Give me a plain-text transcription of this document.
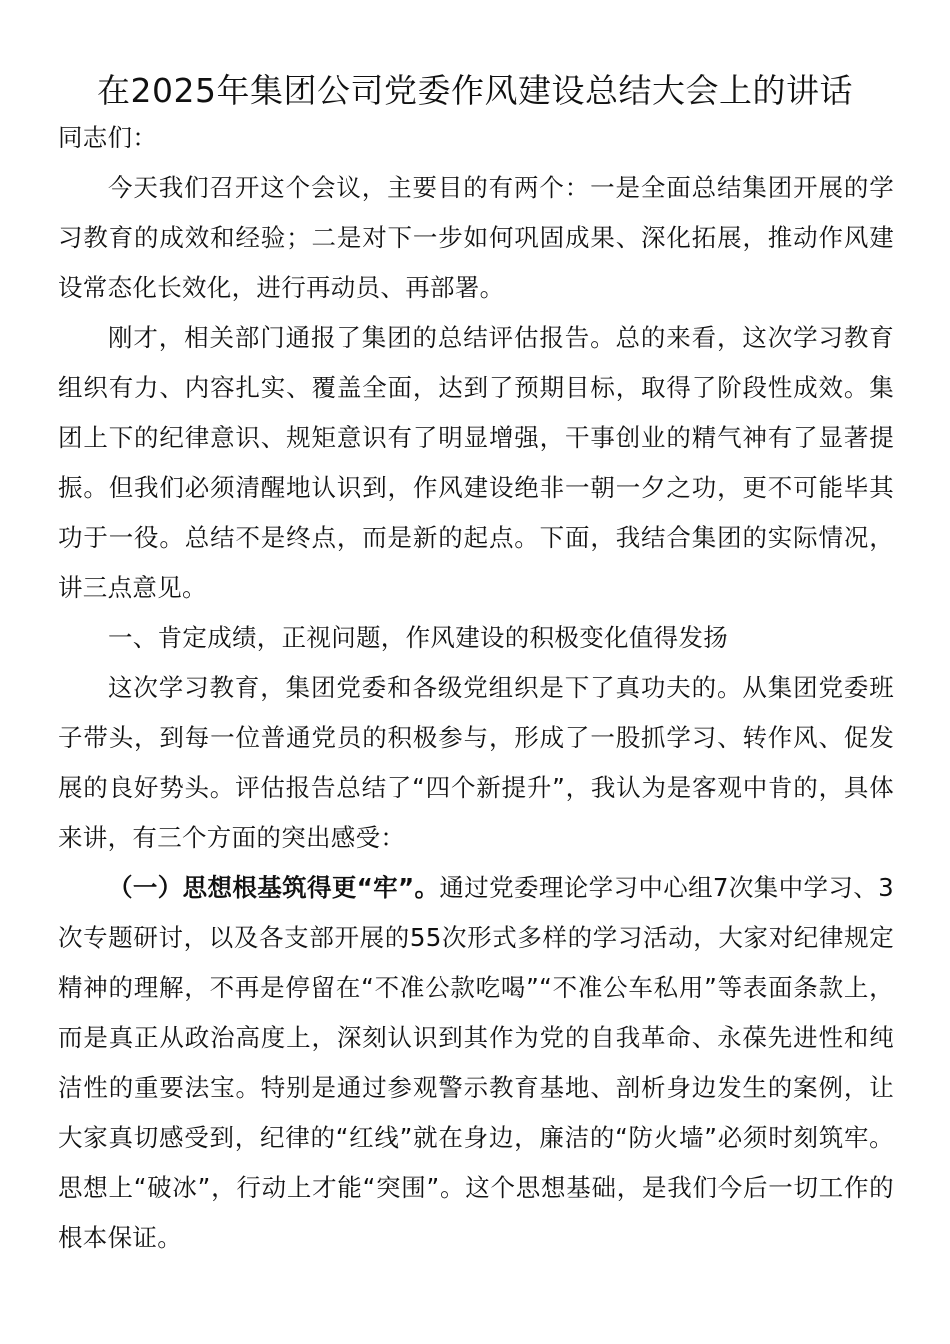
在2025年集团公司党委作风建设总结大会上的讲话

同志们：

今天我们召开这个会议，主要目的有两个：一是全面总结集团开展的学习教育的成效和经验；二是对下一步如何巩固成果、深化拓展，推动作风建设常态化长效化，进行再动员、再部署。

刚才，相关部门通报了集团的总结评估报告。总的来看，这次学习教育组织有力、内容扎实、覆盖全面，达到了预期目标，取得了阶段性成效。集团上下的纪律意识、规矩意识有了明显增强，干事创业的精气神有了显著提振。但我们必须清醒地认识到，作风建设绝非一朝一夕之功，更不可能毕其功于一役。总结不是终点，而是新的起点。下面，我结合集团的实际情况，讲三点意见。

一、肯定成绩，正视问题，作风建设的积极变化值得发扬

这次学习教育，集团党委和各级党组织是下了真功夫的。从集团党委班子带头，到每一位普通党员的积极参与，形成了一股抓学习、转作风、促发展的良好势头。评估报告总结了“四个新提升”，我认为是客观中肯的，具体来讲，有三个方面的突出感受：

（一）思想根基筑得更“牢”。通过党委理论学习中心组7次集中学习、3次专题研讨，以及各支部开展的55次形式多样的学习活动，大家对纪律规定精神的理解，不再是停留在“不准公款吃喝”“不准公车私用”等表面条款上，而是真正从政治高度上，深刻认识到其作为党的自我革命、永葆先进性和纯洁性的重要法宝。特别是通过参观警示教育基地、剖析身边发生的案例，让大家真切感受到，纪律的“红线”就在身边，廉洁的“防火墙”必须时刻筑牢。思想上“破冰”，行动上才能“突围”。这个思想基础，是我们今后一切工作的根本保证。
